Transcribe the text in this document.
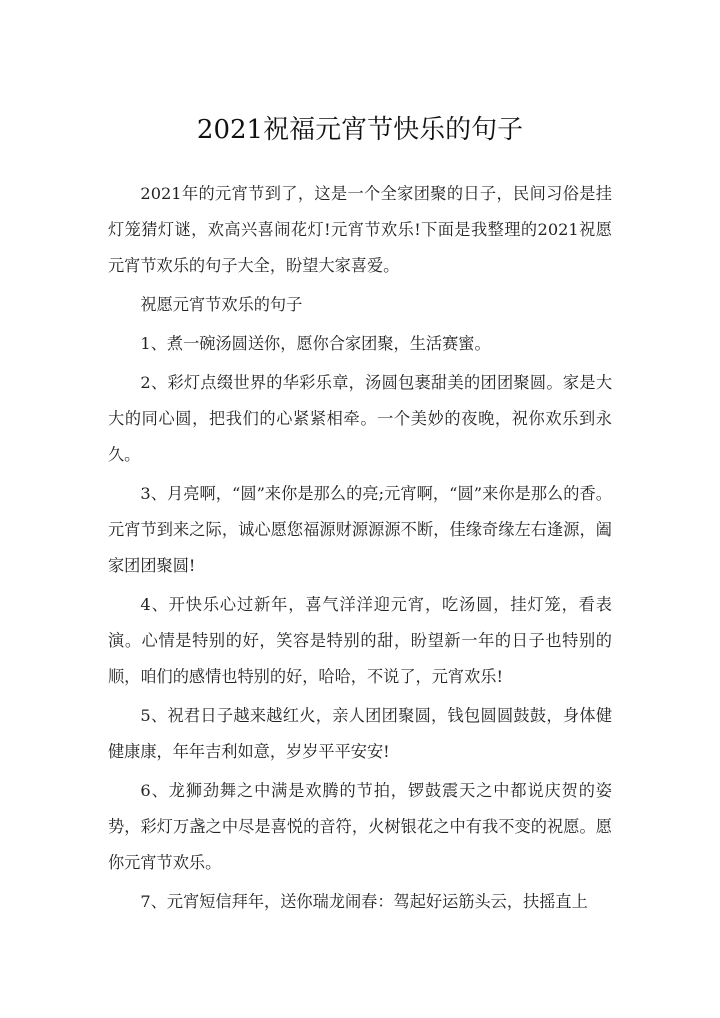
2021祝福元宵节快乐的句子

2021年的元宵节到了，这是一个全家团聚的日子，民间习俗是挂灯笼猜灯谜，欢高兴喜闹花灯!元宵节欢乐!下面是我整理的2021祝愿元宵节欢乐的句子大全，盼望大家喜爱。

祝愿元宵节欢乐的句子

1、煮一碗汤圆送你，愿你合家团聚，生活赛蜜。

2、彩灯点缀世界的华彩乐章，汤圆包裹甜美的团团聚圆。家是大大的同心圆，把我们的心紧紧相牵。一个美妙的夜晚，祝你欢乐到永久。

3、月亮啊，“圆”来你是那么的亮;元宵啊，“圆”来你是那么的香。元宵节到来之际，诚心愿您福源财源源源不断，佳缘奇缘左右逢源，阖家团团聚圆!

4、开快乐心过新年，喜气洋洋迎元宵，吃汤圆，挂灯笼，看表演。心情是特别的好，笑容是特别的甜，盼望新一年的日子也特别的顺，咱们的感情也特别的好，哈哈，不说了，元宵欢乐!

5、祝君日子越来越红火，亲人团团聚圆，钱包圆圆鼓鼓，身体健健康康，年年吉利如意，岁岁平平安安!

6、龙狮劲舞之中满是欢腾的节拍，锣鼓震天之中都说庆贺的姿势，彩灯万盏之中尽是喜悦的音符，火树银花之中有我不变的祝愿。愿你元宵节欢乐。

7、元宵短信拜年，送你瑞龙闹春：驾起好运筋头云，扶摇直上
